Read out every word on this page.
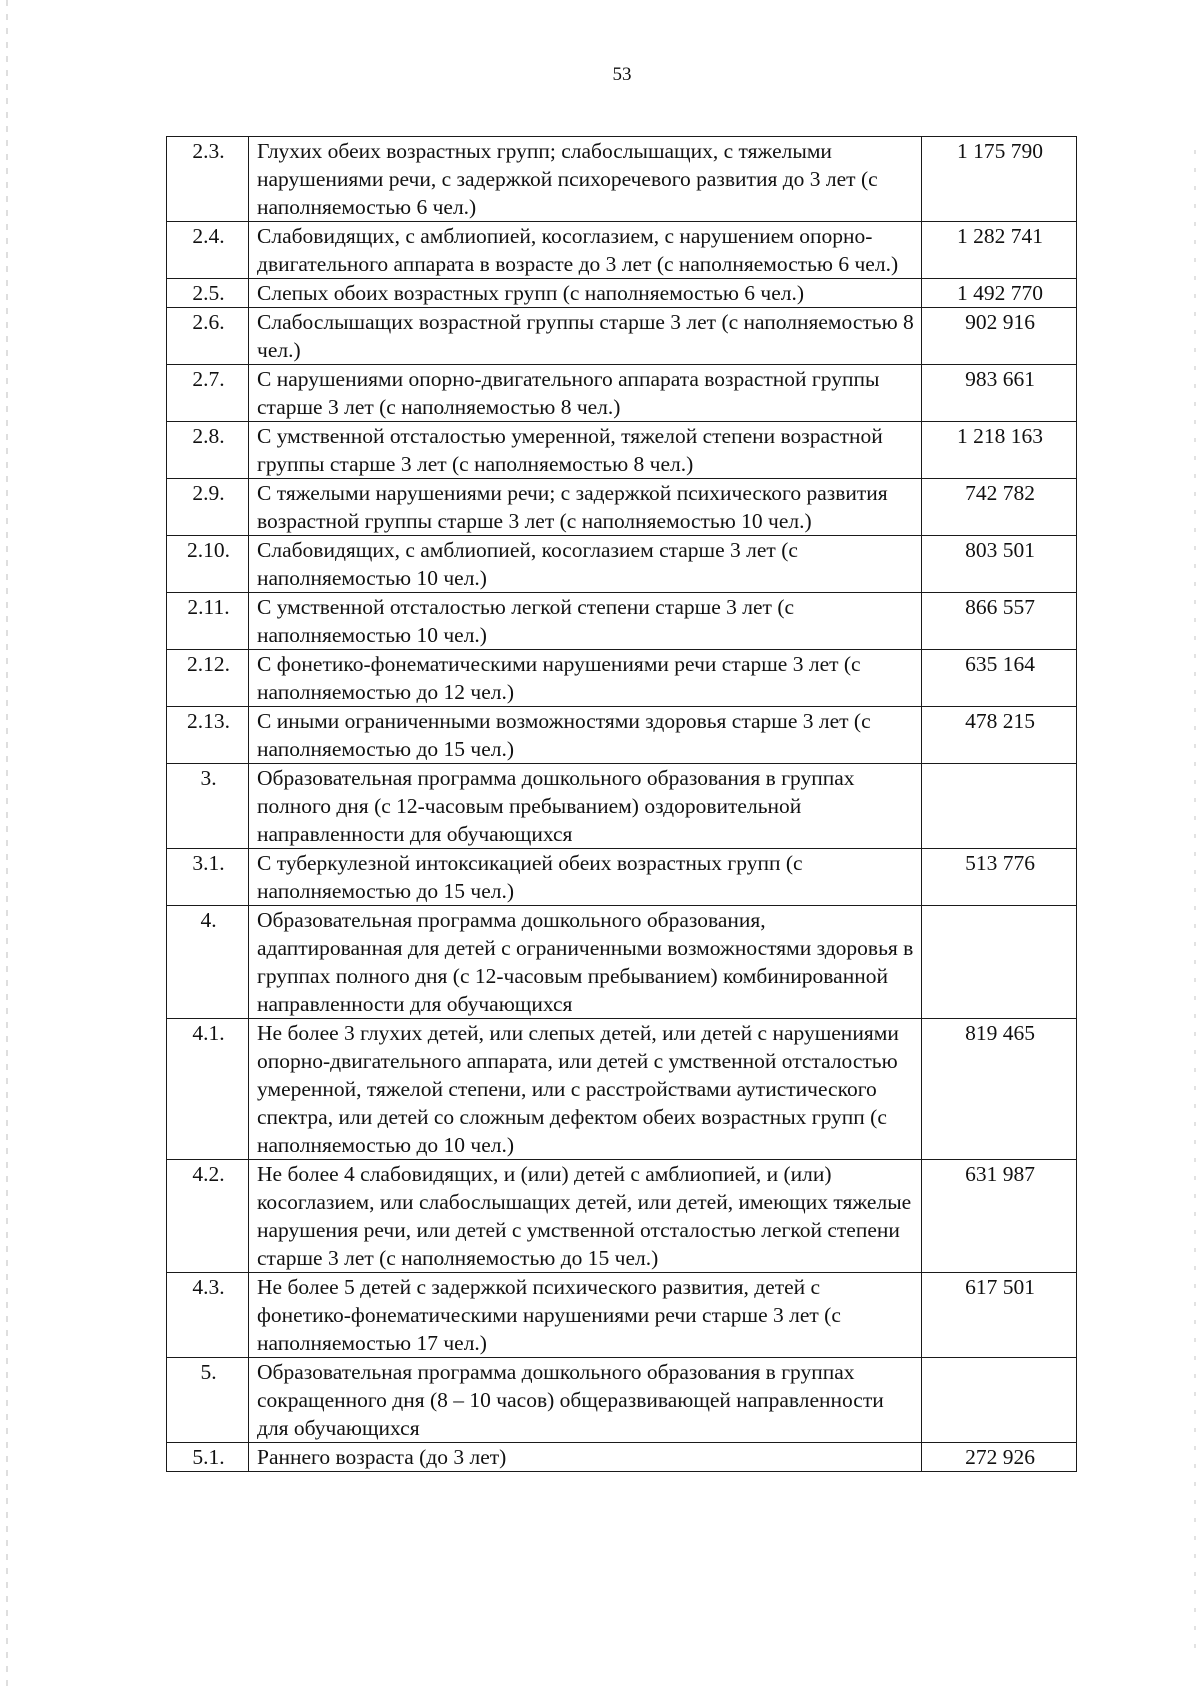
53
2.3.	Глухих обеих возрастных групп; слабослышащих, с тяжелыми нарушениями речи, с задержкой психоречевого развития до 3 лет (с наполняемостью 6 чел.)	1 175 790
2.4.	Слабовидящих, с амблиопией, косоглазием, с нарушением опорно-двигательного аппарата в возрасте до 3 лет (с наполняемостью 6 чел.)	1 282 741
2.5.	Слепых обоих возрастных групп (с наполняемостью 6 чел.)	1 492 770
2.6.	Слабослышащих возрастной группы старше 3 лет (с наполняемостью 8 чел.)	902 916
2.7.	С нарушениями опорно-двигательного аппарата возрастной группы старше 3 лет (с наполняемостью 8 чел.)	983 661
2.8.	С умственной отсталостью умеренной, тяжелой степени возрастной группы старше 3 лет (с наполняемостью 8 чел.)	1 218 163
2.9.	С тяжелыми нарушениями речи; с задержкой психического развития возрастной группы старше 3 лет (с наполняемостью 10 чел.)	742 782
2.10.	Слабовидящих, с амблиопией, косоглазием старше 3 лет (с наполняемостью 10 чел.)	803 501
2.11.	С умственной отсталостью легкой степени старше 3 лет (с наполняемостью 10 чел.)	866 557
2.12.	С фонетико-фонематическими нарушениями речи старше 3 лет (с наполняемостью до 12 чел.)	635 164
2.13.	С иными ограниченными возможностями здоровья старше 3 лет (с наполняемостью до 15 чел.)	478 215
3.	Образовательная программа дошкольного образования в группах полного дня (с 12-часовым пребыванием) оздоровительной направленности для обучающихся	
3.1.	С туберкулезной интоксикацией обеих возрастных групп (с наполняемостью до 15 чел.)	513 776
4.	Образовательная программа дошкольного образования, адаптированная для детей с ограниченными возможностями здоровья в группах полного дня (с 12-часовым пребыванием) комбинированной направленности для обучающихся	
4.1.	Не более 3 глухих детей, или слепых детей, или детей с нарушениями опорно-двигательного аппарата, или детей с умственной отсталостью умеренной, тяжелой степени, или с расстройствами аутистического спектра, или детей со сложным дефектом обеих возрастных групп (с наполняемостью до 10 чел.)	819 465
4.2.	Не более 4 слабовидящих, и (или) детей с амблиопией, и (или) косоглазием, или слабослышащих детей, или детей, имеющих тяжелые нарушения речи, или детей с умственной отсталостью легкой степени старше 3 лет (с наполняемостью до 15 чел.)	631 987
4.3.	Не более 5 детей с задержкой психического развития, детей с фонетико-фонематическими нарушениями речи старше 3 лет (с наполняемостью 17 чел.)	617 501
5.	Образовательная программа дошкольного образования в группах сокращенного дня (8 – 10 часов) общеразвивающей направленности для обучающихся	
5.1.	Раннего возраста (до 3 лет)	272 926
